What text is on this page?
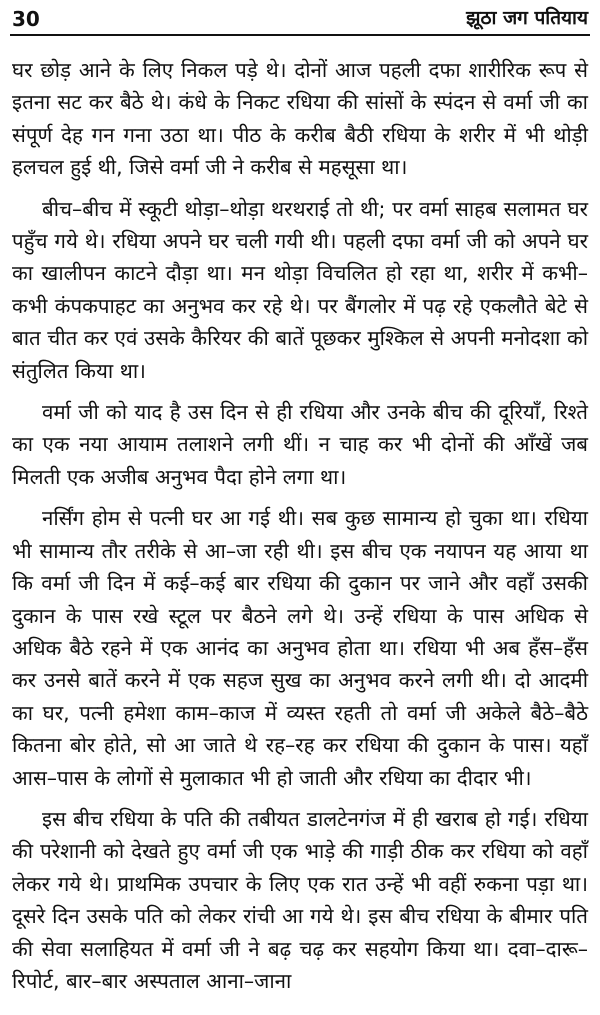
30	झूठा जग पतियाय

घर छोड़ आने के लिए निकल पड़े थे। दोनों आज पहली दफा शारीरिक रूप से इतना सट कर बैठे थे। कंधे के निकट रधिया की सांसों के स्पंदन से वर्मा जी का संपूर्ण देह गन गना उठा था। पीठ के करीब बैठी रधिया के शरीर में भी थोड़ी हलचल हुई थी, जिसे वर्मा जी ने करीब से महसूसा था।

बीच–बीच में स्कूटी थोड़ा–थोड़ा थरथराई तो थी; पर वर्मा साहब सलामत घर पहुँच गये थे। रधिया अपने घर चली गयी थी। पहली दफा वर्मा जी को अपने घर का खालीपन काटने दौड़ा था। मन थोड़ा विचलित हो रहा था, शरीर में कभी–कभी कंपकपाहट का अनुभव कर रहे थे। पर बैंगलोर में पढ़ रहे एकलौते बेटे से बात चीत कर एवं उसके कैरियर की बातें पूछकर मुश्किल से अपनी मनोदशा को संतुलित किया था।

वर्मा जी को याद है उस दिन से ही रधिया और उनके बीच की दूरियाँ, रिश्ते का एक नया आयाम तलाशने लगी थीं। न चाह कर भी दोनों की आँखें जब मिलती एक अजीब अनुभव पैदा होने लगा था।

नर्सिंग होम से पत्नी घर आ गई थी। सब कुछ सामान्य हो चुका था। रधिया भी सामान्य तौर तरीके से आ–जा रही थी। इस बीच एक नयापन यह आया था कि वर्मा जी दिन में कई–कई बार रधिया की दुकान पर जाने और वहाँ उसकी दुकान के पास रखे स्टूल पर बैठने लगे थे। उन्हें रधिया के पास अधिक से अधिक बैठे रहने में एक आनंद का अनुभव होता था। रधिया भी अब हँस–हँस कर उनसे बातें करने में एक सहज सुख का अनुभव करने लगी थी। दो आदमी का घर, पत्नी हमेशा काम–काज में व्यस्त रहती तो वर्मा जी अकेले बैठे–बैठे कितना बोर होते, सो आ जाते थे रह–रह कर रधिया की दुकान के पास। यहाँ आस–पास के लोगों से मुलाकात भी हो जाती और रधिया का दीदार भी।

इस बीच रधिया के पति की तबीयत डालटेनगंज में ही खराब हो गई। रधिया की परेशानी को देखते हुए वर्मा जी एक भाड़े की गाड़ी ठीक कर रधिया को वहाँ लेकर गये थे। प्राथमिक उपचार के लिए एक रात उन्हें भी वहीं रुकना पड़ा था। दूसरे दिन उसके पति को लेकर रांची आ गये थे। इस बीच रधिया के बीमार पति की सेवा सलाहियत में वर्मा जी ने बढ़ चढ़ कर सहयोग किया था। दवा–दारू–रिपोर्ट, बार–बार अस्पताल आना–जाना
